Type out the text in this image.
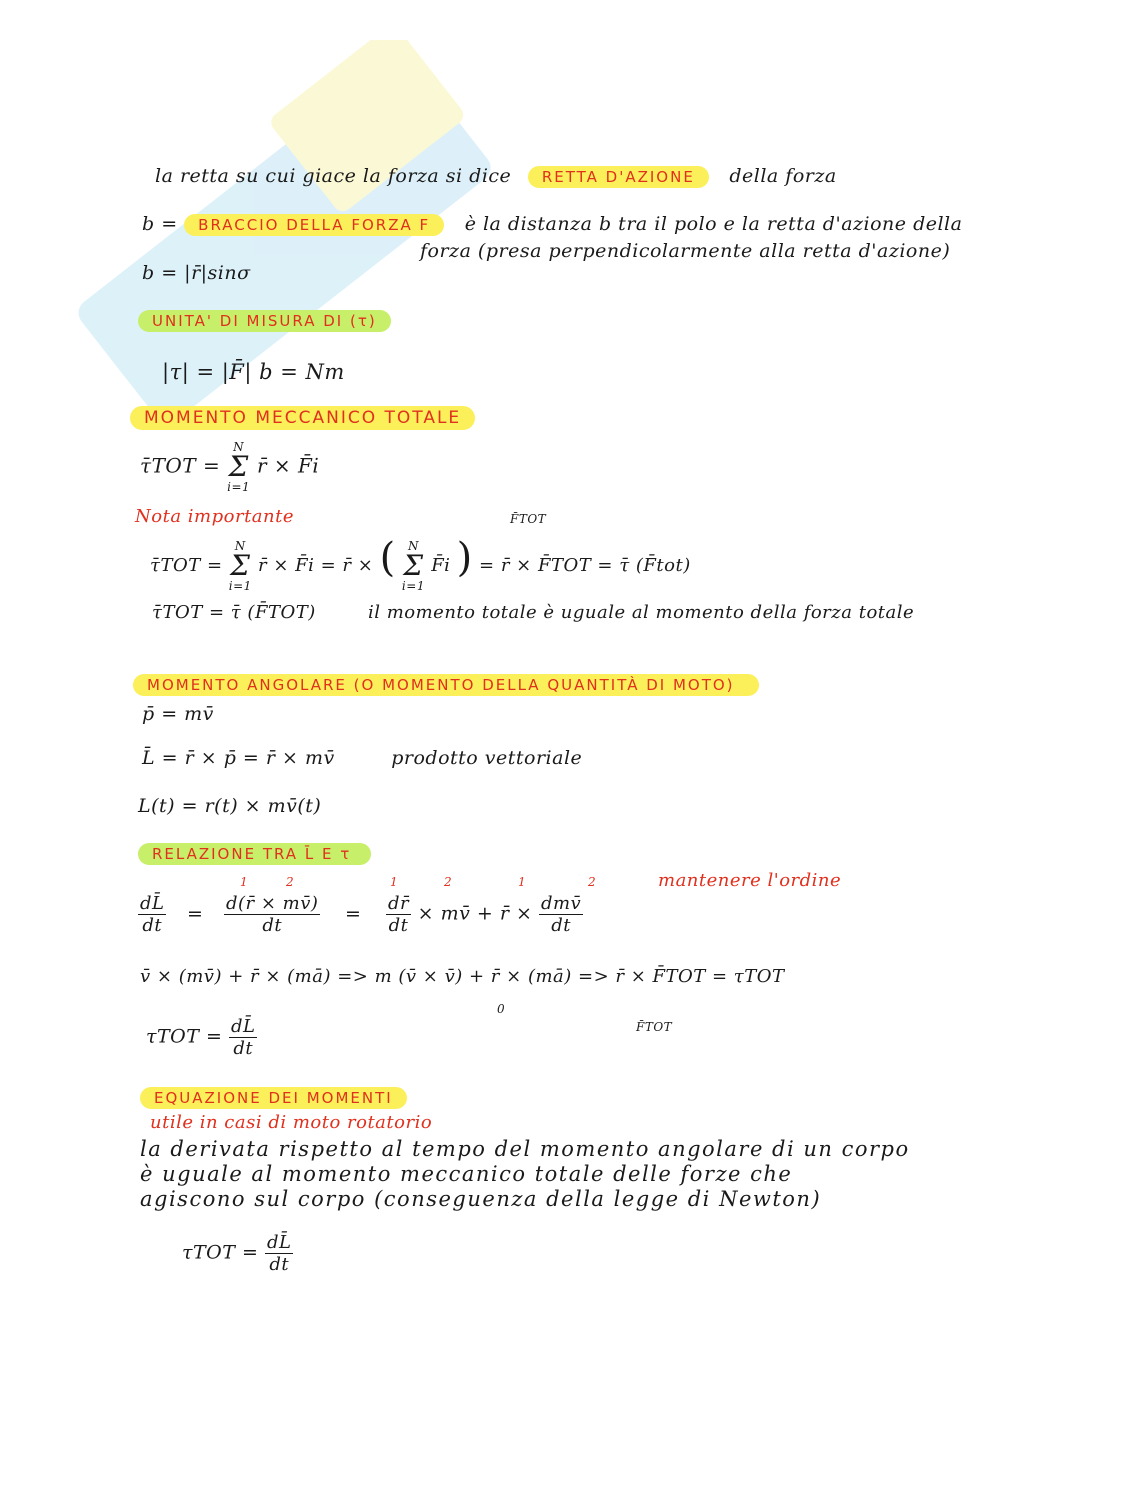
la retta su cui giace la forza si dice RETTA D'AZIONE della forza
b = BRACCIO DELLA FORZA F è la distanza b tra il polo e la retta d'azione della
forza (presa perpendicolarmente alla retta d'azione)
b = |r̄|sinσ
UNITA' DI MISURA DI (τ)
|τ| = |F̄| b = Nm
MOMENTO MECCANICO TOTALE
τ̄TOT =
N
Σ
i=1
r̄ × F̄i
Nota importante	F̄TOT
τ̄TOT =
N
Σ
i=1
r̄ × F̄i = r̄ × ( N
Σ
i=1
F̄i ) = r̄ × F̄TOT = τ̄ (F̄tot)
τ̄TOT = τ̄ (F̄TOT)	il momento totale è uguale al momento della forza totale
MOMENTO ANGOLARE (O MOMENTO DELLA QUANTITÀ DI MOTO)
p̄ = mv̄
L̄ = r̄ × p̄ = r̄ × mv̄	prodotto vettoriale
L(t) = r(t) × mv̄(t)
RELAZIONE TRA L̄ E τ
1	2	1	2	1	2	mantenere l'ordine
$\frac{dL̄}{dt} = \frac{d(r̄ \times mv̄)}{dt} = \frac{dr̄}{dt}$ × mv̄ + r̄ × $\frac{\text{dmv̄}}{dt}$
v̄ × (mv̄) + r̄ × (mā) => m (v̄ × v̄) + r̄ × (mā) => r̄ × F̄TOT = τTOT
0
F̄TOT
$\tau TOT = \frac{dL̄}{dt}$
EQUAZIONE DEI MOMENTI
utile in casi di moto rotatorio
la derivata rispetto al tempo del momento angolare di un corpo
è uguale al momento meccanico totale delle forze che
agiscono sul corpo (conseguenza della legge di Newton)
$\tau TOT = \frac{dL̄}{dt}$
